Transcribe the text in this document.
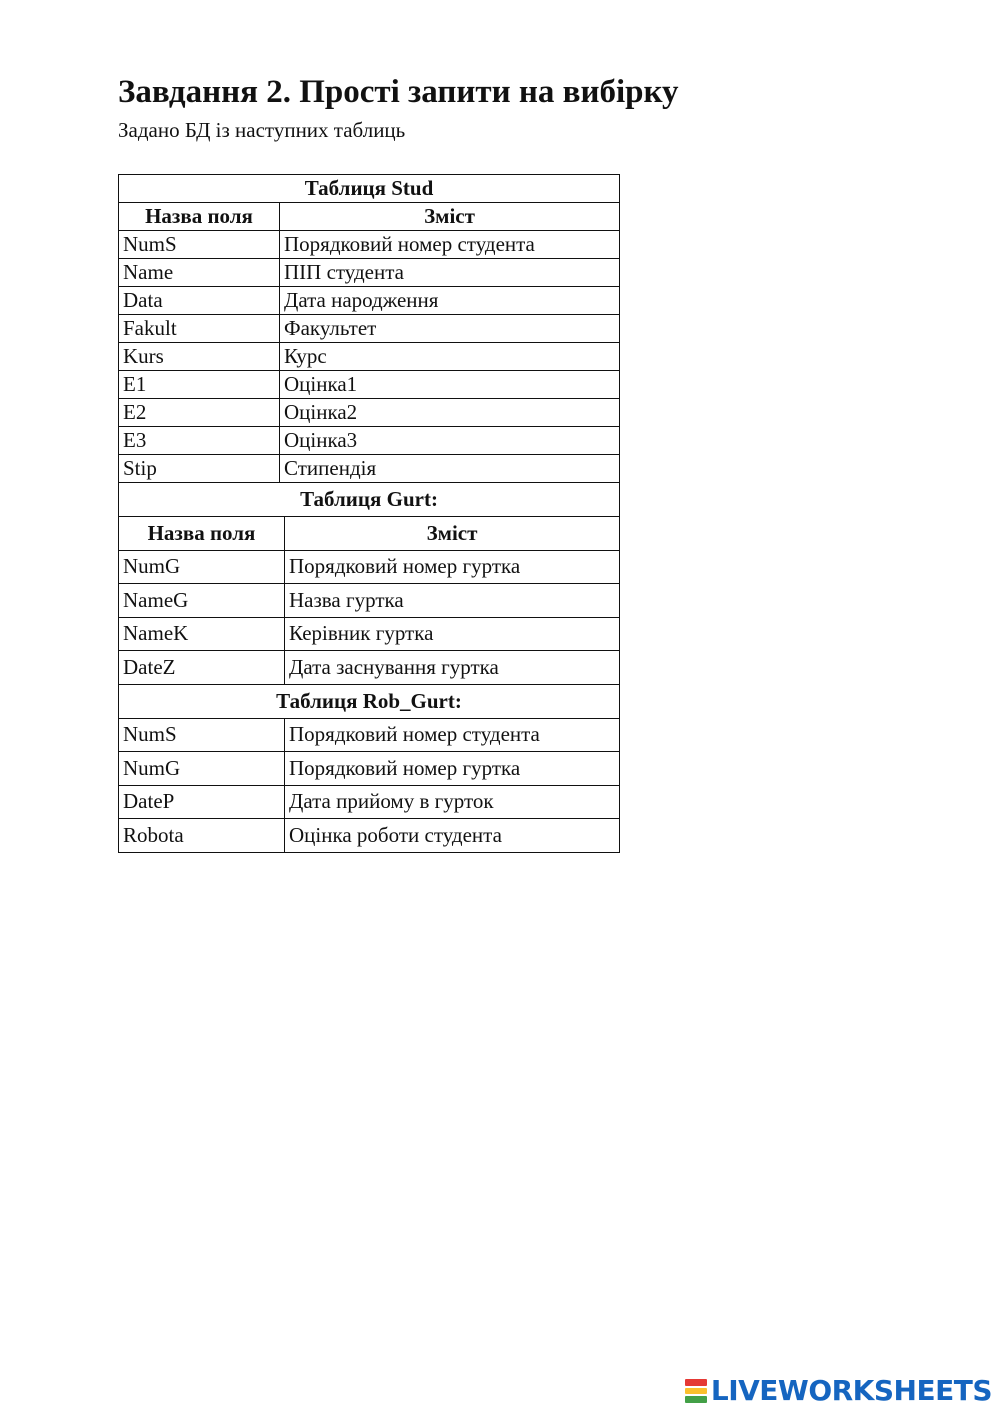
Завдання 2. Прості запити на вибірку
Задано БД із наступних таблиць
Таблиця Stud	
Назва поля	Зміст
NumS	Порядковий номер студента
Name	ПІП студента
Data	Дата народження
Fakult	Факультет
Kurs	Курс
E1	Оцінка1
E2	Оцінка2
E3	Оцінка3
Stip	Стипендія
Таблиця Gurt:	
Назва поля	Зміст
NumG	Порядковий номер гуртка
NameG	Назва гуртка
NameK	Керівник гуртка
DateZ	Дата заснування гуртка
Таблиця Rob_Gurt:	
NumS	Порядковий номер студента
NumG	Порядковий номер гуртка
DateP	Дата прийому в гурток
Robota	Оцінка роботи студента
LIVEWORKSHEETS
